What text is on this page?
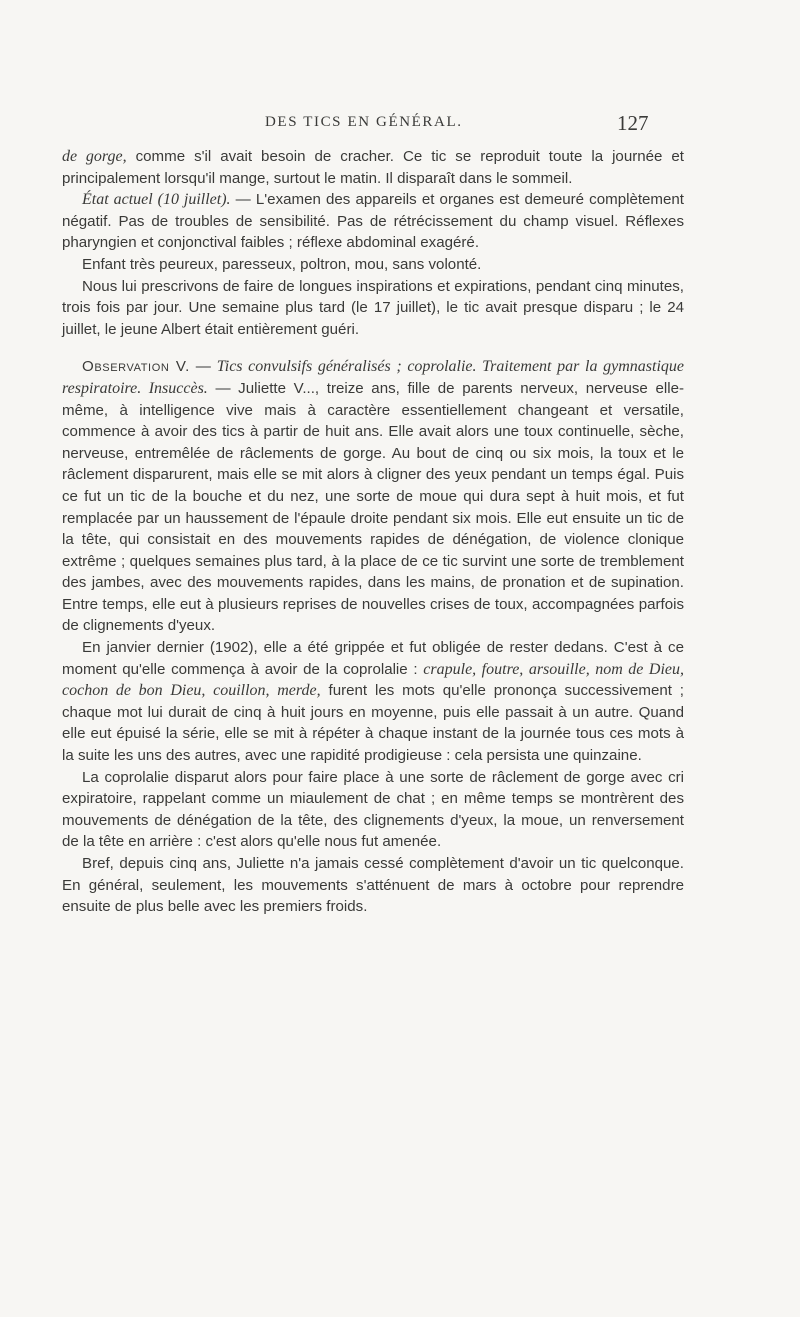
DES TICS EN GÉNÉRAL.	127

de gorge, comme s'il avait besoin de cracher. Ce tic se reproduit toute la journée et principalement lorsqu'il mange, surtout le matin. Il disparaît dans le sommeil.

État actuel (10 juillet). — L'examen des appareils et organes est demeuré complètement négatif. Pas de troubles de sensibilité. Pas de rétrécissement du champ visuel. Réflexes pharyngien et conjonctival faibles ; réflexe abdominal exagéré.

Enfant très peureux, paresseux, poltron, mou, sans volonté.

Nous lui prescrivons de faire de longues inspirations et expirations, pendant cinq minutes, trois fois par jour. Une semaine plus tard (le 17 juillet), le tic avait presque disparu ; le 24 juillet, le jeune Albert était entièrement guéri.

Observation V. — Tics convulsifs généralisés ; coprolalie. Traitement par la gymnastique respiratoire. Insuccès. — Juliette V..., treize ans, fille de parents nerveux, nerveuse elle-même, à intelligence vive mais à caractère essentiellement changeant et versatile, commence à avoir des tics à partir de huit ans. Elle avait alors une toux continuelle, sèche, nerveuse, entremêlée de râclements de gorge. Au bout de cinq ou six mois, la toux et le râclement disparurent, mais elle se mit alors à cligner des yeux pendant un temps égal. Puis ce fut un tic de la bouche et du nez, une sorte de moue qui dura sept à huit mois, et fut remplacée par un haussement de l'épaule droite pendant six mois. Elle eut ensuite un tic de la tête, qui consistait en des mouvements rapides de dénégation, de violence clonique extrême ; quelques semaines plus tard, à la place de ce tic survint une sorte de tremblement des jambes, avec des mouvements rapides, dans les mains, de pronation et de supination. Entre temps, elle eut à plusieurs reprises de nouvelles crises de toux, accompagnées parfois de clignements d'yeux.

En janvier dernier (1902), elle a été grippée et fut obligée de rester dedans. C'est à ce moment qu'elle commença à avoir de la coprolalie : crapule, foutre, arsouille, nom de Dieu, cochon de bon Dieu, couillon, merde, furent les mots qu'elle prononça successivement ; chaque mot lui durait de cinq à huit jours en moyenne, puis elle passait à un autre. Quand elle eut épuisé la série, elle se mit à répéter à chaque instant de la journée tous ces mots à la suite les uns des autres, avec une rapidité prodigieuse : cela persista une quinzaine.

La coprolalie disparut alors pour faire place à une sorte de râclement de gorge avec cri expiratoire, rappelant comme un miaulement de chat ; en même temps se montrèrent des mouvements de dénégation de la tête, des clignements d'yeux, la moue, un renversement de la tête en arrière : c'est alors qu'elle nous fut amenée.

Bref, depuis cinq ans, Juliette n'a jamais cessé complètement d'avoir un tic quelconque. En général, seulement, les mouvements s'atténuent de mars à octobre pour reprendre ensuite de plus belle avec les premiers froids.
